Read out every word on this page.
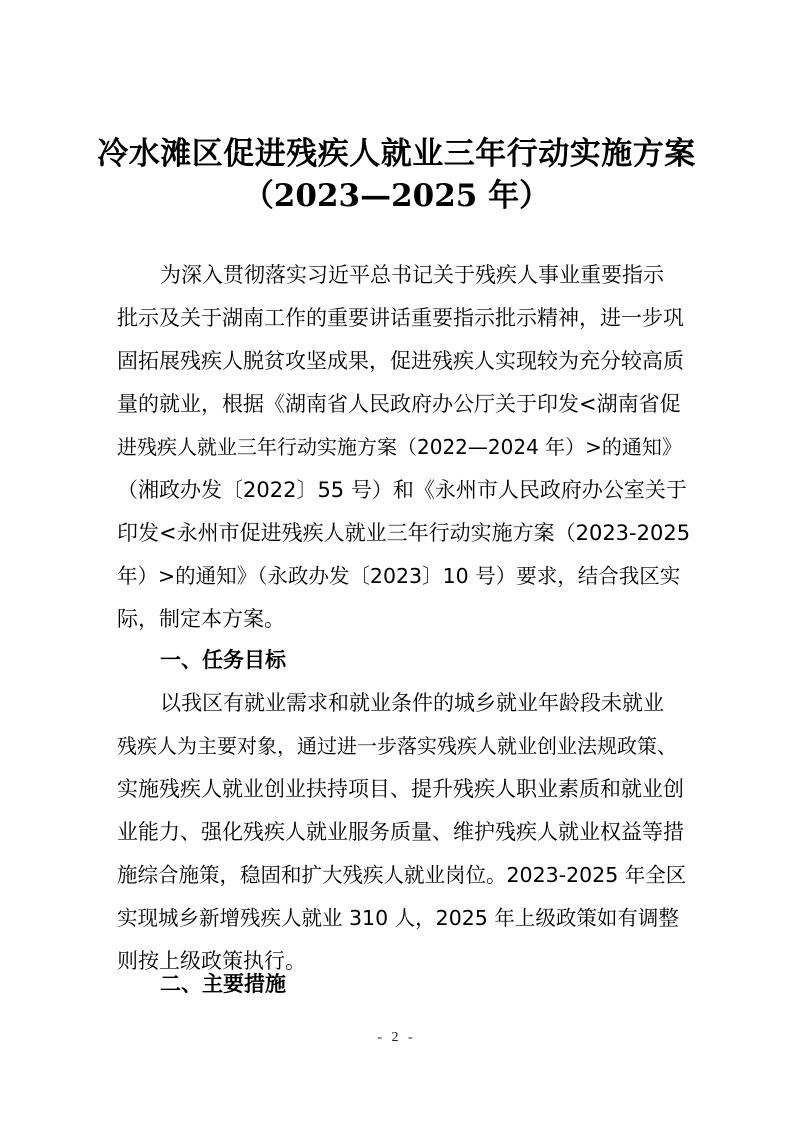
冷水滩区促进残疾人就业三年行动实施方案
（2023—2025 年）

为深入贯彻落实习近平总书记关于残疾人事业重要指示

批示及关于湖南工作的重要讲话重要指示批示精神，进一步巩

固拓展残疾人脱贫攻坚成果，促进残疾人实现较为充分较高质

量的就业，根据《湖南省人民政府办公厅关于印发<湖南省促

进残疾人就业三年行动实施方案（2022—2024 年）>的通知》

（湘政办发〔2022〕55 号）和《永州市人民政府办公室关于

印发<永州市促进残疾人就业三年行动实施方案（2023-2025

年）>的通知》（永政办发〔2023〕10 号）要求，结合我区实

际，制定本方案。

一、任务目标

以我区有就业需求和就业条件的城乡就业年龄段未就业

残疾人为主要对象，通过进一步落实残疾人就业创业法规政策、

实施残疾人就业创业扶持项目、提升残疾人职业素质和就业创

业能力、强化残疾人就业服务质量、维护残疾人就业权益等措

施综合施策，稳固和扩大残疾人就业岗位。2023-2025 年全区

实现城乡新增残疾人就业 310 人，2025 年上级政策如有调整

则按上级政策执行。

二、主要措施

- 2 -
